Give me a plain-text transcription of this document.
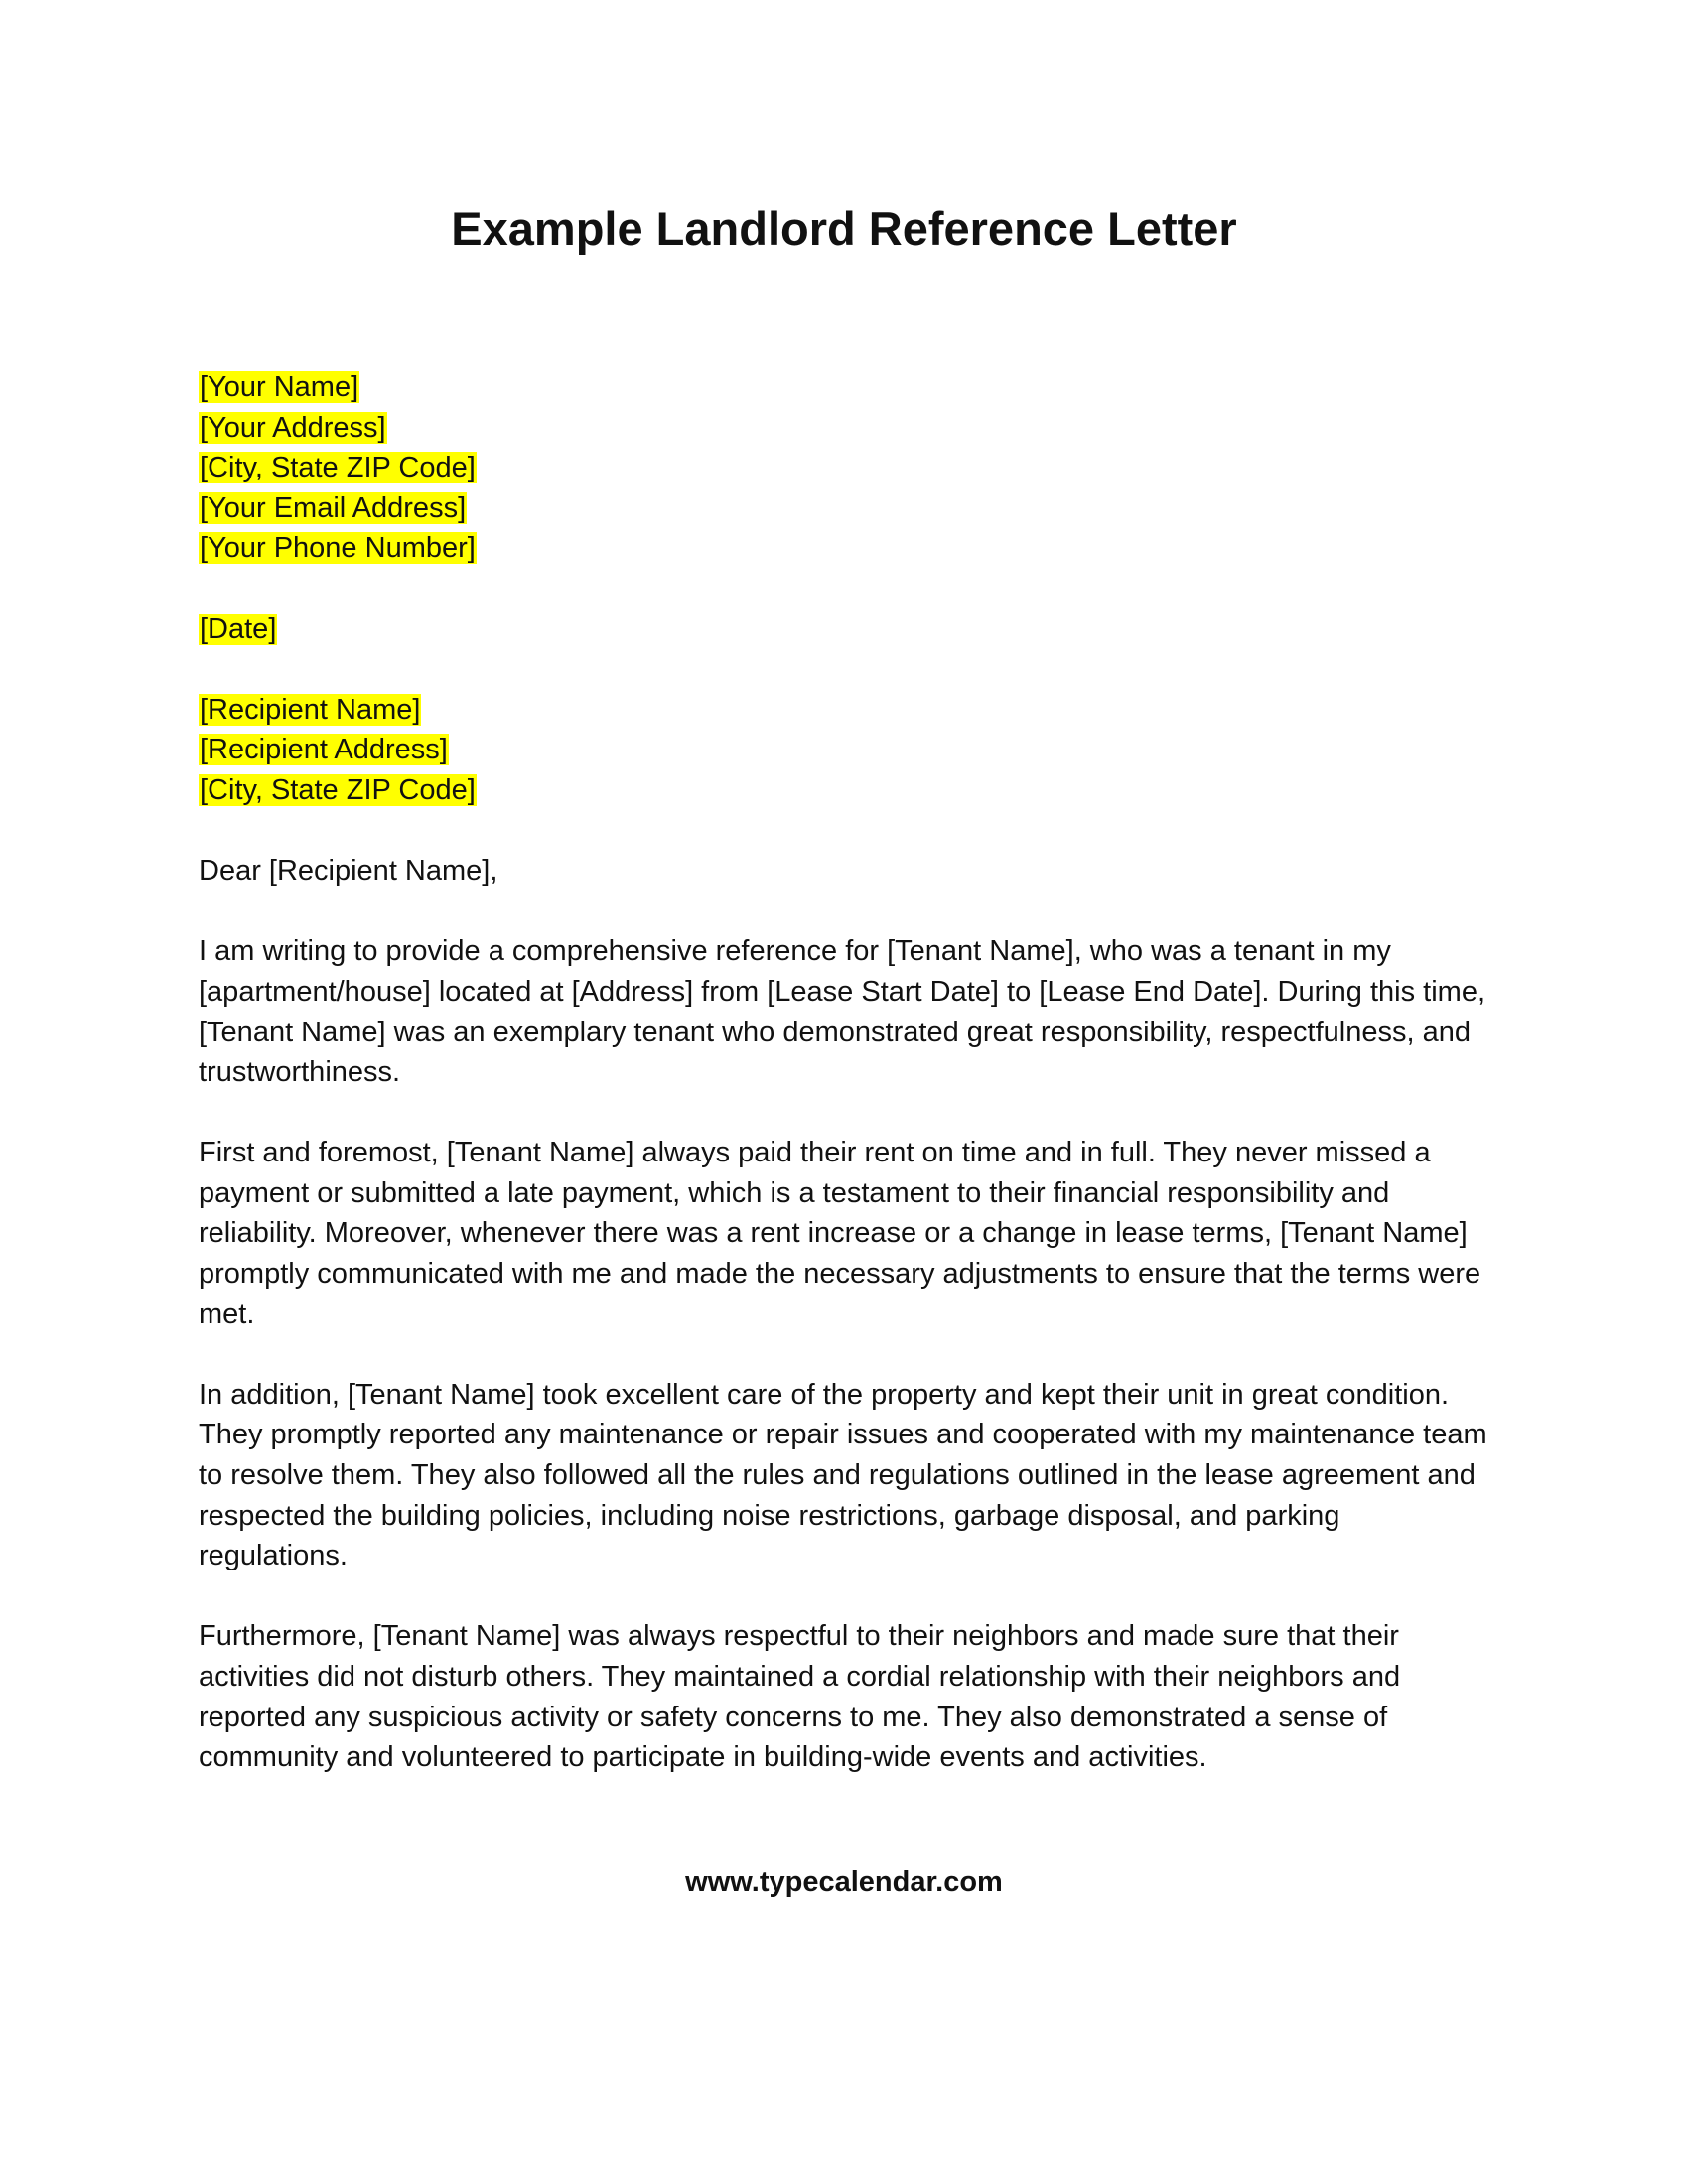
Example Landlord Reference Letter
[Your Name]
[Your Address]
[City, State ZIP Code]
[Your Email Address]
[Your Phone Number]
[Date]
[Recipient Name]
[Recipient Address]
[City, State ZIP Code]

Dear [Recipient Name],

I am writing to provide a comprehensive reference for [Tenant Name], who was a tenant in my [apartment/house] located at [Address] from [Lease Start Date] to [Lease End Date]. During this time, [Tenant Name] was an exemplary tenant who demonstrated great responsibility, respectfulness, and trustworthiness.

First and foremost, [Tenant Name] always paid their rent on time and in full. They never missed a payment or submitted a late payment, which is a testament to their financial responsibility and reliability. Moreover, whenever there was a rent increase or a change in lease terms, [Tenant Name] promptly communicated with me and made the necessary adjustments to ensure that the terms were met.

In addition, [Tenant Name] took excellent care of the property and kept their unit in great condition. They promptly reported any maintenance or repair issues and cooperated with my maintenance team to resolve them. They also followed all the rules and regulations outlined in the lease agreement and respected the building policies, including noise restrictions, garbage disposal, and parking regulations.

Furthermore, [Tenant Name] was always respectful to their neighbors and made sure that their activities did not disturb others. They maintained a cordial relationship with their neighbors and reported any suspicious activity or safety concerns to me. They also demonstrated a sense of community and volunteered to participate in building-wide events and activities.

www.typecalendar.com
